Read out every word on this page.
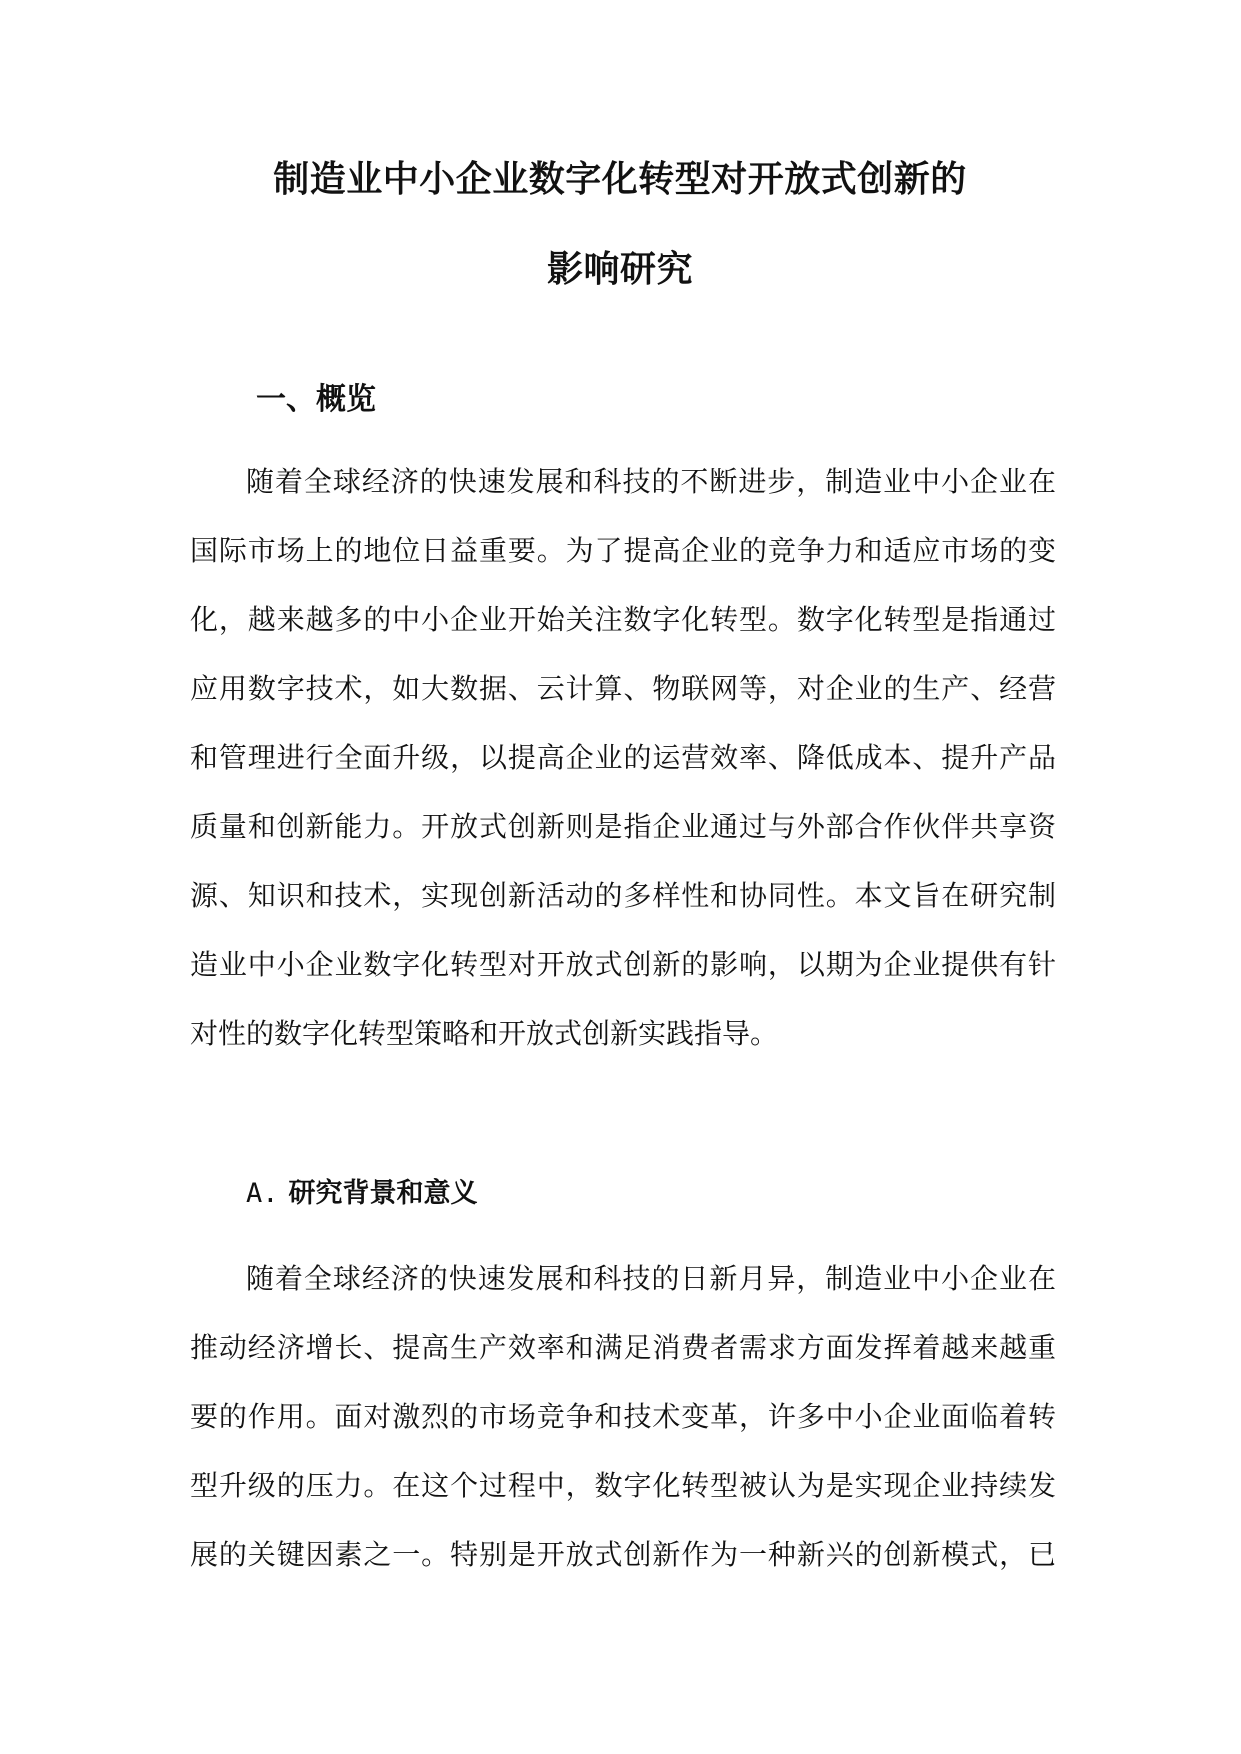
制造业中小企业数字化转型对开放式创新的
影响研究
一、概览
随着全球经济的快速发展和科技的不断进步，制造业中小企业在
国际市场上的地位日益重要。为了提高企业的竞争力和适应市场的变
化，越来越多的中小企业开始关注数字化转型。数字化转型是指通过
应用数字技术，如大数据、云计算、物联网等，对企业的生产、经营
和管理进行全面升级，以提高企业的运营效率、降低成本、提升产品
质量和创新能力。开放式创新则是指企业通过与外部合作伙伴共享资
源、知识和技术，实现创新活动的多样性和协同性。本文旨在研究制
造业中小企业数字化转型对开放式创新的影响，以期为企业提供有针
对性的数字化转型策略和开放式创新实践指导。
A. 研究背景和意义
随着全球经济的快速发展和科技的日新月异，制造业中小企业在
推动经济增长、提高生产效率和满足消费者需求方面发挥着越来越重
要的作用。面对激烈的市场竞争和技术变革，许多中小企业面临着转
型升级的压力。在这个过程中，数字化转型被认为是实现企业持续发
展的关键因素之一。特别是开放式创新作为一种新兴的创新模式，已
